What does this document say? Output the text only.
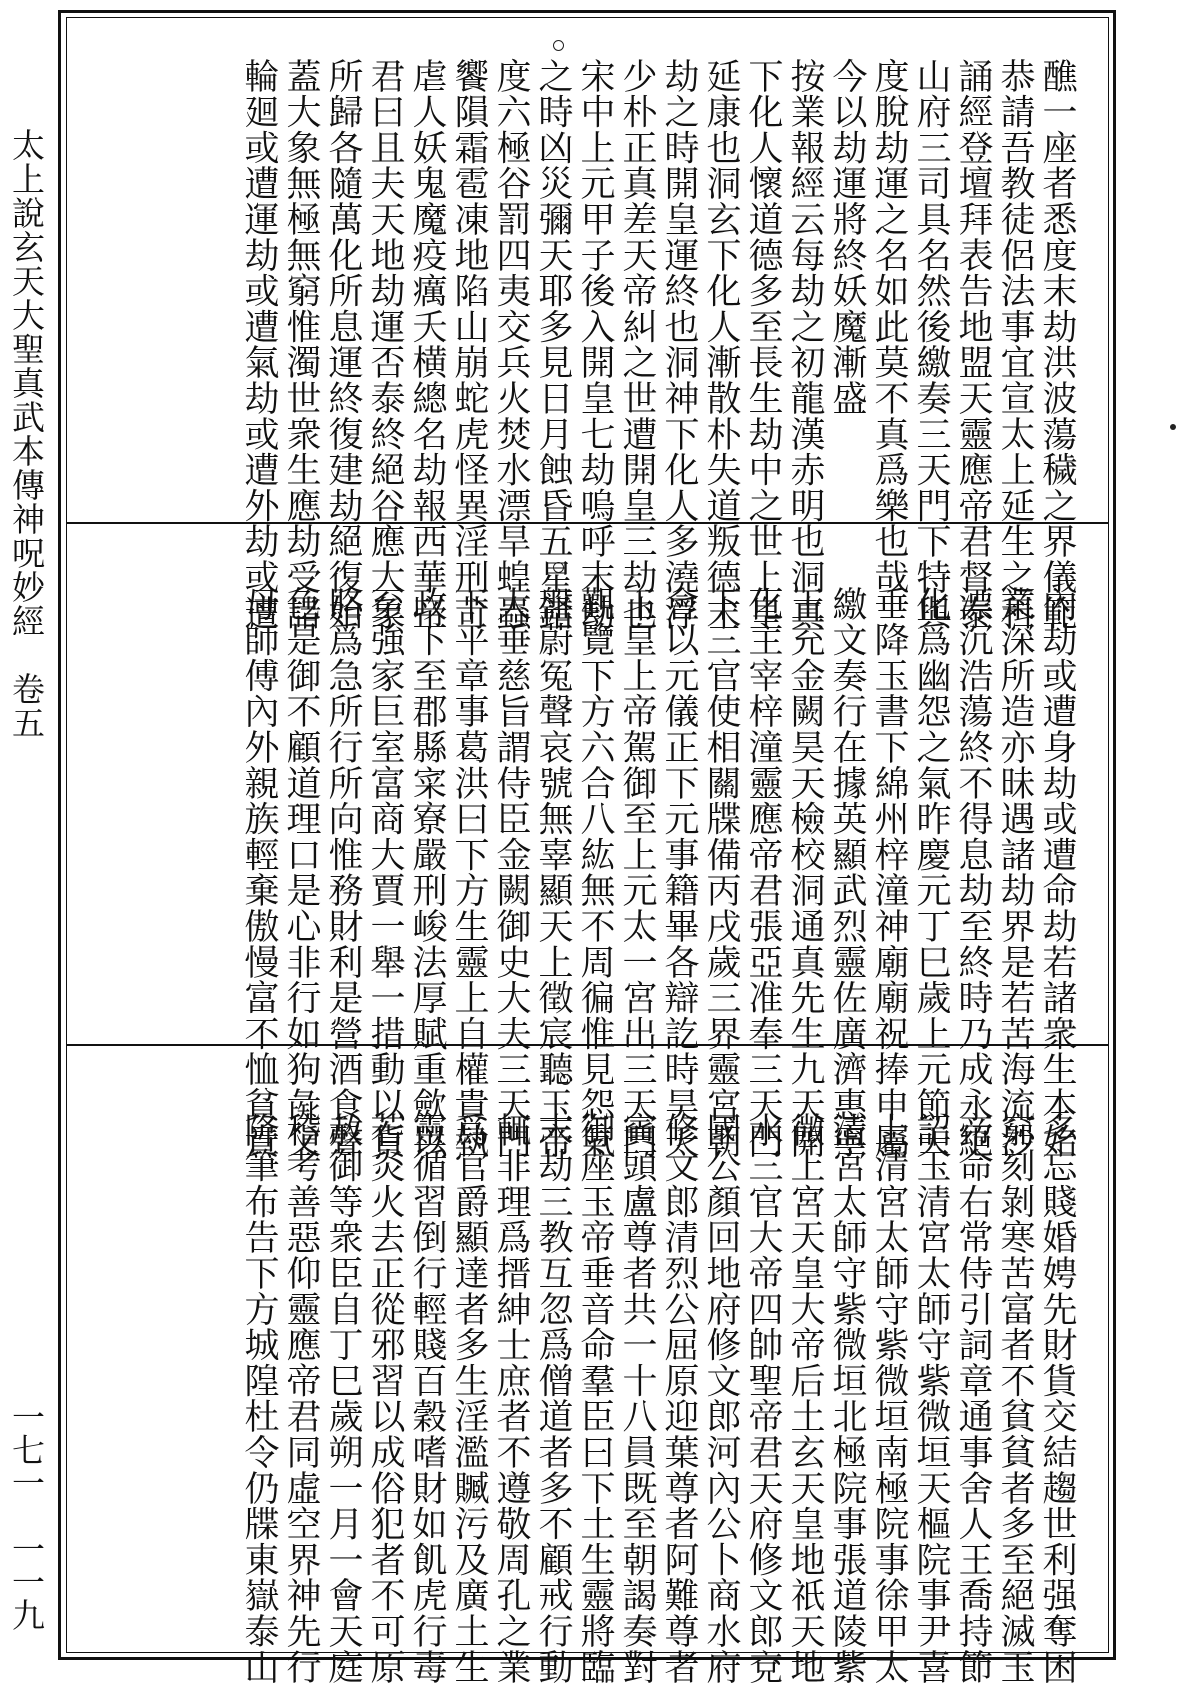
太上說玄天大聖真武本傳神呪妙經　卷五
一七一　一一九
醮一座者悉度末劫洪波蕩穢之界儀範
恭請吾教徒侶法事宜宣太上延生之科
誦經登壇拜表告地盟天靈應帝君督泰
山府三司具名然後繳奏三天門下特與
度脫劫運之名如此莫不真爲樂也哉
今以劫運將終妖魔漸盛
按業報經云每劫之初龍漢赤明也洞真
下化人懷道德多至長生劫中之世上皇
延康也洞玄下化人漸散朴失道叛德末
劫之時開皇運終也洞神下化人多澆浮
少朴正真差天帝糾之世遭開皇三劫也
宋中上元甲子後入開皇七劫嗚呼末劫
之時凶災彌天耶多見日月蝕昏五星錯
度六極谷罰四夷交兵火焚水漂旱蝗蟲
饗隕霜雹凍地陷山崩蛇虎怪異淫刑苛
虐人妖鬼魔疫癘夭横總名劫報西華帝
君曰且夫天地劫運否泰終絕谷應大象
所歸各隨萬化所息運終復建劫絕復始
蓋大象無極無窮惟濁世衆生應劫受諸
輪廻或遭運劫或遭氣劫或遭外劫或遭
內劫或遭身劫或遭命劫若諸衆生本始
業深所造亦昧遇諸劫界是若苦海流沙
漂沉浩蕩終不得息劫至終時乃成永絕
化爲幽怨之氣昨慶元丁巳歲上元節天
垂降玉書下綿州梓潼神廟廟祝捧申屬
繳文奏行在據英顯武烈靈佐廣濟惠寧
王充金闕昊天檢校洞通真先生九天開
化主宰梓潼靈應帝君張亞准奉三天門
下三官使相關牒備丙戌歲三界靈宮朝
會以元儀正下元事籍畢各辯訖時昊天
玉皇上帝駕御至上元太一宮出三天門
觀覽下方六合八紘無不周徧惟見怨氣
盤蔚冤聲哀號無辜顯天上徵宸聽玉帝
大垂慈旨謂侍臣金闕御史大夫三天門
下平章事葛洪曰下方生靈上自權貴執
政下至郡縣寀寮嚴刑峻法厚賦重歛以
至強家巨室富商大賈一舉一措動以貨
賂爲急所行所向惟務財利是營酒食聲
色是御不顧道理口是心非行如狗彘父
母師傅內外親族輕棄傲慢富不恤貧貴
多忘賤婚娉先財貨交結趨世利强奪困
窮刻剝寒苦富者不貧貧者多至絕滅玉
帝命右常侍引詞章通事舍人王喬持節
詔玉清宮太師守紫微垣天樞院事尹喜
上清宮太師守紫微垣南極院事徐甲太
清宮太師守紫微垣北極院事張道陵紫
微上宮天皇大帝后土玄天皇地祇天地
水三官大帝四帥聖帝君天府修文郎兗
國公顏回地府修文郎河內公卜商水府
修文郎清烈公屈原迎葉尊者阿難尊者
賓頭盧尊者共一十八員既至朝謁奏對
御座玉帝垂音命羣臣曰下土生靈將臨
末劫三教互忽爲僧道者多不顧戒行動
輒非理爲搢紳士庶者不遵敬周孔之業
爲官爵顯達者多生淫濫贓污及廣土生
靈循習倒行輕賤百穀嗜財如飢虎行毒
若炎火去正從邪習以成俗犯者不可原
赦御等衆臣自丁巳歲朔一月一會天庭
稽考善惡仰靈應帝君同虛空界神先行
降筆布告下方城隍杜令仍牒東嶽泰山
